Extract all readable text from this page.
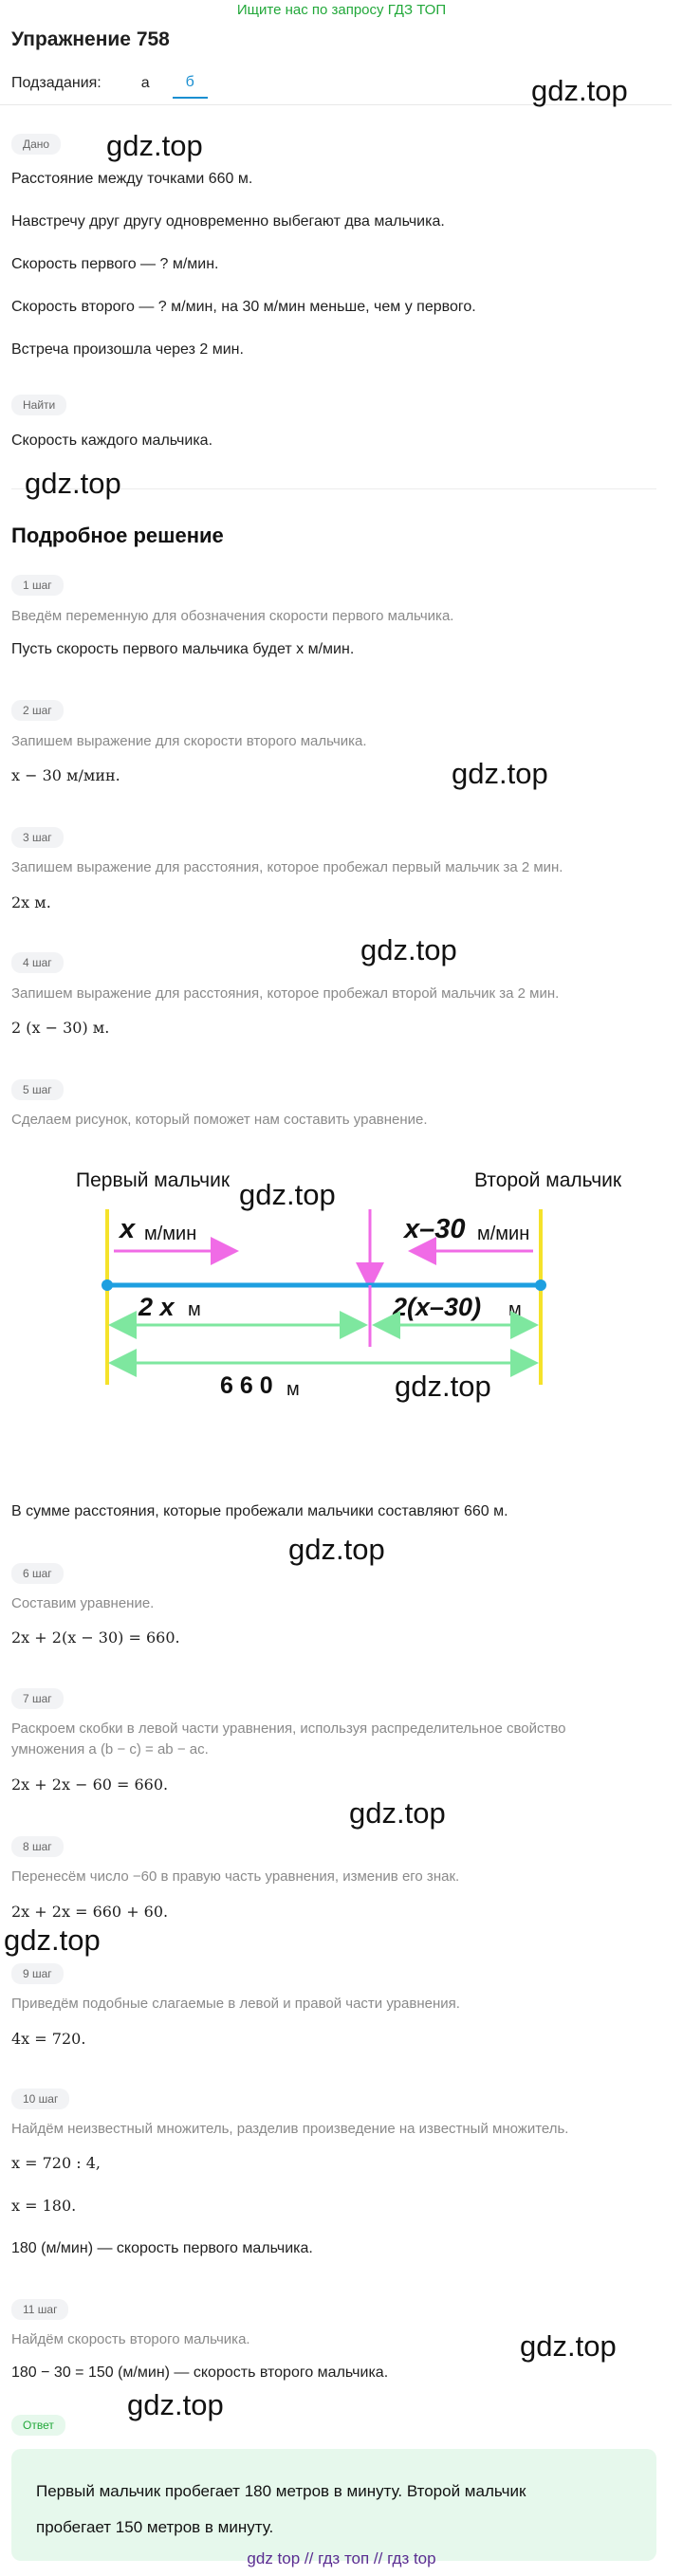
Ищите нас по запросу ГДЗ ТОП
Упражнение 758
Подзадания:	а	б
Дано
Расстояние между точками 660 м.
Навстречу друг другу одновременно выбегают два мальчика.
Скорость первого — ? м/мин.
Скорость второго — ? м/мин, на 30 м/мин меньше, чем у первого.
Встреча произошла через 2 мин.
Найти
Скорость каждого мальчика.
Подробное решение
1 шаг
Введём переменную для обозначения скорости первого мальчика.
Пусть скорость первого мальчика будет x м/мин.
2 шаг
Запишем выражение для скорости второго мальчика.
x − 30 м/мин.
3 шаг
Запишем выражение для расстояния, которое пробежал первый мальчик за 2 мин.
2x м.
4 шаг
Запишем выражение для расстояния, которое пробежал второй мальчик за 2 мин.
2 (x − 30) м.
5 шаг
Сделаем рисунок, который поможет нам составить уравнение.
Первый мальчик	Второй мальчик
x м/мин	x–30 м/мин
2 x м	2(x–30) м
6 6 0 м
В сумме расстояния, которые пробежали мальчики составляют 660 м.
6 шаг
Составим уравнение.
2x + 2(x − 30) = 660.
7 шаг
Раскроем скобки в левой части уравнения, используя распределительное свойство
умножения a (b − c) = ab − ac.
2x + 2x − 60 = 660.
8 шаг
Перенесём число −60 в правую часть уравнения, изменив его знак.
2x + 2x = 660 + 60.
9 шаг
Приведём подобные слагаемые в левой и правой части уравнения.
4x = 720.
10 шаг
Найдём неизвестный множитель, разделив произведение на известный множитель.
x = 720 : 4,
x = 180.
180 (м/мин) — скорость первого мальчика.
11 шаг
Найдём скорость второго мальчика.
180 − 30 = 150 (м/мин) — скорость второго мальчика.
Ответ
Первый мальчик пробегает 180 метров в минуту. Второй мальчик
пробегает 150 метров в минуту.
gdz.top
gdz.top
gdz.top
gdz.top
gdz.top
gdz.top
gdz.top
gdz.top
gdz.top
gdz.top
gdz.top
gdz.top
gdz top // гдз топ // гдз top
